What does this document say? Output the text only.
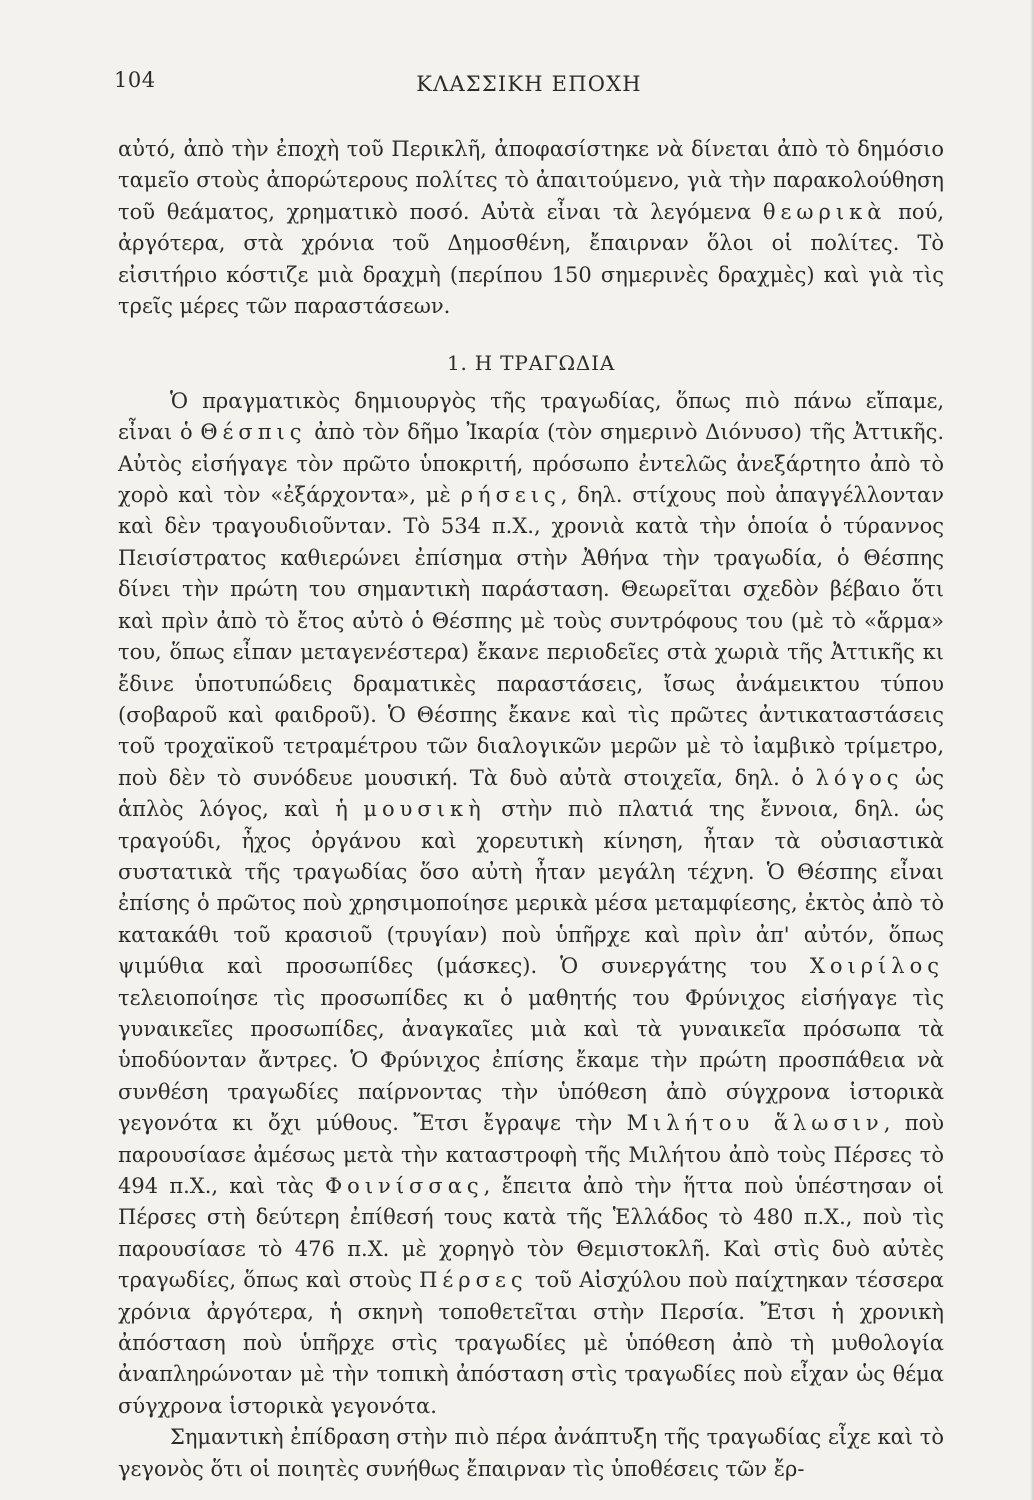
104	ΚΛΑΣΣΙΚΗ ΕΠΟΧΗ

αὐτό, ἀπὸ τὴν ἐποχὴ τοῦ Περικλῆ, ἀποφασίστηκε νὰ δίνεται ἀπὸ τὸ δημόσιο ταμεῖο στοὺς ἀπορώτερους πολίτες τὸ ἀπαιτούμενο, γιὰ τὴν παρακολούθηση τοῦ θεάματος, χρηματικὸ ποσό. Αὐτὰ εἶναι τὰ λεγόμενα θεωρικὰ πού, ἀργότερα, στὰ χρόνια τοῦ Δημοσθένη, ἔπαιρναν ὅλοι οἱ πολίτες. Τὸ εἰσιτήριο κόστιζε μιὰ δραχμὴ (περίπου 150 σημερινὲς δραχμὲς) καὶ γιὰ τὶς τρεῖς μέρες τῶν παραστάσεων.

1. Η ΤΡΑΓΩΔΙΑ

Ὁ πραγματικὸς δημιουργὸς τῆς τραγωδίας, ὅπως πιὸ πάνω εἴπαμε, εἶναι ὁ Θέσπις ἀπὸ τὸν δῆμο Ἰκαρία (τὸν σημερινὸ Διόνυσο) τῆς Ἀττικῆς. Αὐτὸς εἰσήγαγε τὸν πρῶτο ὑποκριτή, πρόσωπο ἐντελῶς ἀνεξάρτητο ἀπὸ τὸ χορὸ καὶ τὸν «ἐξάρχοντα», μὲ ρήσεις, δηλ. στίχους ποὺ ἀπαγγέλλονταν καὶ δὲν τραγουδιοῦνταν. Τὸ 534 π.Χ., χρονιὰ κατὰ τὴν ὁποία ὁ τύραννος Πεισίστρατος καθιερώνει ἐπίσημα στὴν Ἀθήνα τὴν τραγωδία, ὁ Θέσπης δίνει τὴν πρώτη του σημαντικὴ παράσταση. Θεωρεῖται σχεδὸν βέβαιο ὅτι καὶ πρὶν ἀπὸ τὸ ἔτος αὐτὸ ὁ Θέσπης μὲ τοὺς συντρόφους του (μὲ τὸ «ἅρμα» του, ὅπως εἶπαν μεταγενέστερα) ἔκανε περιοδεῖες στὰ χωριὰ τῆς Ἀττικῆς κι ἔδινε ὑποτυπώδεις δραματικὲς παραστάσεις, ἴσως ἀνάμεικτου τύπου (σοβαροῦ καὶ φαιδροῦ). Ὁ Θέσπης ἔκανε καὶ τὶς πρῶτες ἀντικαταστάσεις τοῦ τροχαϊκοῦ τετραμέτρου τῶν διαλογικῶν μερῶν μὲ τὸ ἰαμβικὸ τρίμετρο, ποὺ δὲν τὸ συνόδευε μουσική. Τὰ δυὸ αὐτὰ στοιχεῖα, δηλ. ὁ λόγος ὡς ἁπλὸς λόγος, καὶ ἡ μουσικὴ στὴν πιὸ πλατιά της ἔννοια, δηλ. ὡς τραγούδι, ἦχος ὀργάνου καὶ χορευτικὴ κίνηση, ἦταν τὰ οὐσιαστικὰ συστατικὰ τῆς τραγωδίας ὅσο αὐτὴ ἦταν μεγάλη τέχνη. Ὁ Θέσπης εἶναι ἐπίσης ὁ πρῶτος ποὺ χρησιμοποίησε μερικὰ μέσα μεταμφίεσης, ἐκτὸς ἀπὸ τὸ κατακάθι τοῦ κρασιοῦ (τρυγίαν) ποὺ ὑπῆρχε καὶ πρὶν ἀπ' αὐτόν, ὅπως ψιμύθια καὶ προσωπίδες (μάσκες). Ὁ συνεργάτης του Χοιρίλος τελειοποίησε τὶς προσωπίδες κι ὁ μαθητής του Φρύνιχος εἰσήγαγε τὶς γυναικεῖες προσωπίδες, ἀναγκαῖες μιὰ καὶ τὰ γυναικεῖα πρόσωπα τὰ ὑποδύονταν ἄντρες. Ὁ Φρύνιχος ἐπίσης ἔκαμε τὴν πρώτη προσπάθεια νὰ συνθέση τραγωδίες παίρνοντας τὴν ὑπόθεση ἀπὸ σύγχρονα ἱστορικὰ γεγονότα κι ὄχι μύθους. Ἔτσι ἔγραψε τὴν Μιλήτου ἅλωσιν, ποὺ παρουσίασε ἀμέσως μετὰ τὴν καταστροφὴ τῆς Μιλήτου ἀπὸ τοὺς Πέρσες τὸ 494 π.Χ., καὶ τὰς Φοινίσσας, ἔπειτα ἀπὸ τὴν ἥττα ποὺ ὑπέστησαν οἱ Πέρσες στὴ δεύτερη ἐπίθεσή τους κατὰ τῆς Ἑλλάδος τὸ 480 π.Χ., ποὺ τὶς παρουσίασε τὸ 476 π.Χ. μὲ χορηγὸ τὸν Θεμιστοκλῆ. Καὶ στὶς δυὸ αὐτὲς τραγωδίες, ὅπως καὶ στοὺς Πέρσες τοῦ Αἰσχύλου ποὺ παίχτηκαν τέσσερα χρόνια ἀργότερα, ἡ σκηνὴ τοποθετεῖται στὴν Περσία. Ἔτσι ἡ χρονικὴ ἀπόσταση ποὺ ὑπῆρχε στὶς τραγωδίες μὲ ὑπόθεση ἀπὸ τὴ μυθολογία ἀναπληρώνοταν μὲ τὴν τοπικὴ ἀπόσταση στὶς τραγωδίες ποὺ εἶχαν ὡς θέμα σύγχρονα ἱστορικὰ γεγονότα.

Σημαντικὴ ἐπίδραση στὴν πιὸ πέρα ἀνάπτυξη τῆς τραγωδίας εἶχε καὶ τὸ γεγονὸς ὅτι οἱ ποιητὲς συνήθως ἔπαιρναν τὶς ὑποθέσεις τῶν ἔρ-
